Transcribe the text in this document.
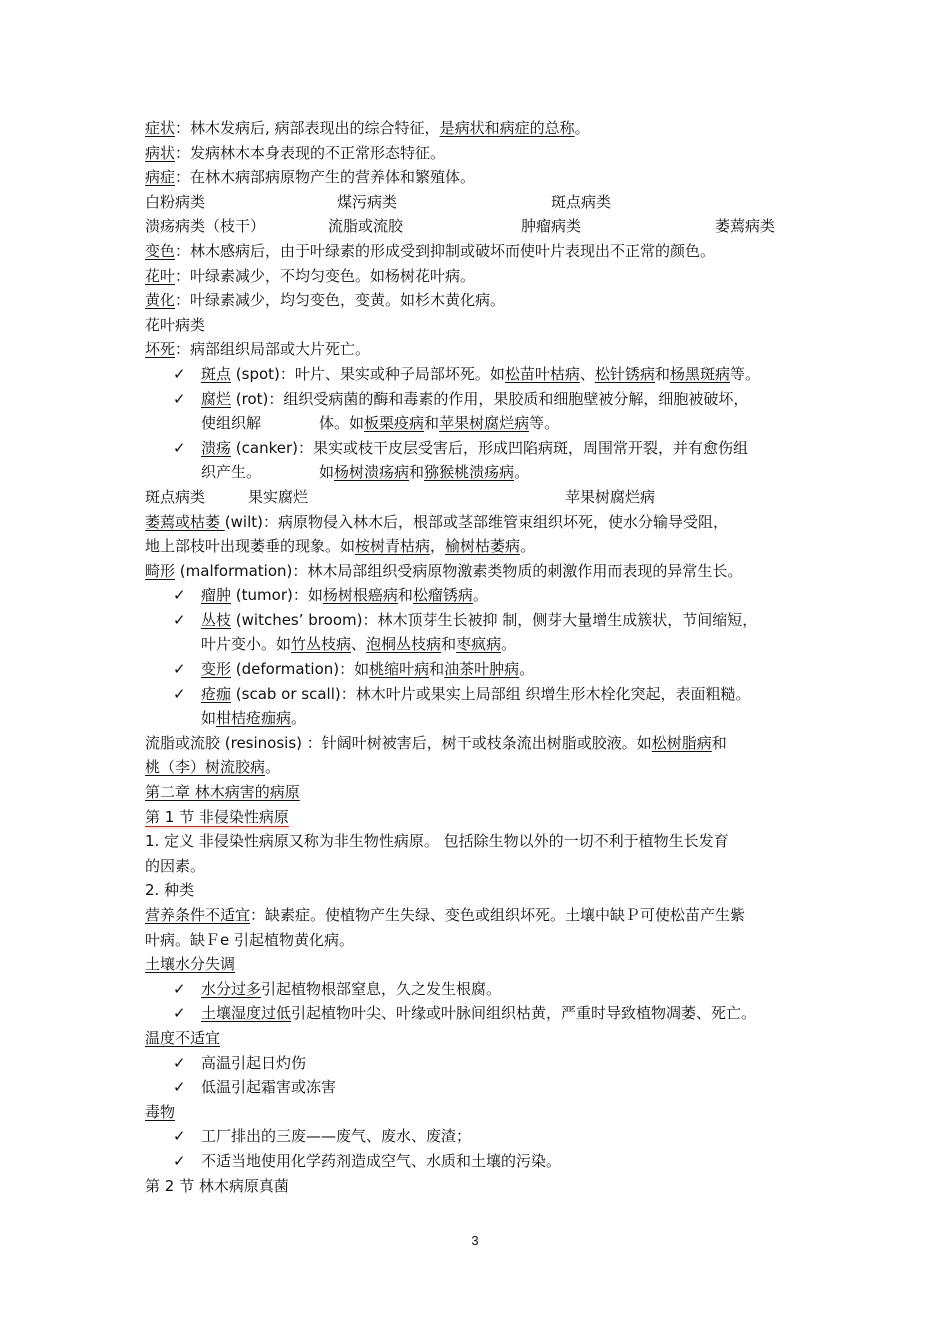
症状：林木发病后, 病部表现出的综合特征，是病状和病症的总称。
病状：发病林木本身表现的不正常形态特征。
病症：在林木病部病原物产生的营养体和繁殖体。
白粉病类	煤污病类	斑点病类
溃疡病类（枝干）	流脂或流胶	肿瘤病类	萎蔫病类
变色：林木感病后，由于叶绿素的形成受到抑制或破坏而使叶片表现出不正常的颜色。
花叶：叶绿素减少，不均匀变色。如杨树花叶病。
黄化：叶绿素减少，均匀变色，变黄。如杉木黄化病。
花叶病类
坏死：病部组织局部或大片死亡。
✓ 斑点 (spot)：叶片、果实或种子局部坏死。如松苗叶枯病、松针锈病和杨黑斑病等。
✓ 腐烂 (rot)：组织受病菌的酶和毒素的作用，果胶质和细胞壁被分解，细胞被破坏，
使组织解	体。如板栗疫病和苹果树腐烂病等。
✓ 溃疡 (canker)：果实或枝干皮层受害后，形成凹陷病斑，周围常开裂，并有愈伤组
织产生。	如杨树溃疡病和猕猴桃溃疡病。
斑点病类	果实腐烂	苹果树腐烂病
萎蔫或枯萎 (wilt)：病原物侵入林木后，根部或茎部维管束组织坏死，使水分输导受阻，
地上部枝叶出现萎垂的现象。如桉树青枯病，榆树枯萎病。
畸形 (malformation)：林木局部组织受病原物激素类物质的刺激作用而表现的异常生长。
✓ 瘤肿 (tumor)：如杨树根癌病和松瘤锈病。
✓ 丛枝 (witches’ broom)：林木顶芽生长被抑 制，侧芽大量增生成簇状，节间缩短，
叶片变小。如竹丛枝病、泡桐丛枝病和枣疯病。
✓ 变形 (deformation)：如桃缩叶病和油茶叶肿病。
✓ 疮痂 (scab or scall)：林木叶片或果实上局部组 织增生形木栓化突起，表面粗糙。
如柑桔疮痂病。
流脂或流胶 (resinosis) ：针阔叶树被害后，树干或枝条流出树脂或胶液。如松树脂病和
桃（李）树流胶病。
第二章 林木病害的病原
第 1 节 非侵染性病原
1. 定义 非侵染性病原又称为非生物性病原。 包括除生物以外的一切不利于植物生长发育
的因素。
2. 种类
营养条件不适宜：缺素症。使植物产生失绿、变色或组织坏死。土壤中缺Ｐ可使松苗产生紫
叶病。缺Ｆe 引起植物黄化病。
土壤水分失调
✓ 水分过多引起植物根部窒息，久之发生根腐。
✓ 土壤湿度过低引起植物叶尖、叶缘或叶脉间组织枯黄，严重时导致植物凋萎、死亡。
温度不适宜
✓ 高温引起日灼伤
✓ 低温引起霜害或冻害
毒物
✓ 工厂排出的三废——废气、废水、废渣；
✓ 不适当地使用化学药剂造成空气、水质和土壤的污染。
第 2 节 林木病原真菌
3
